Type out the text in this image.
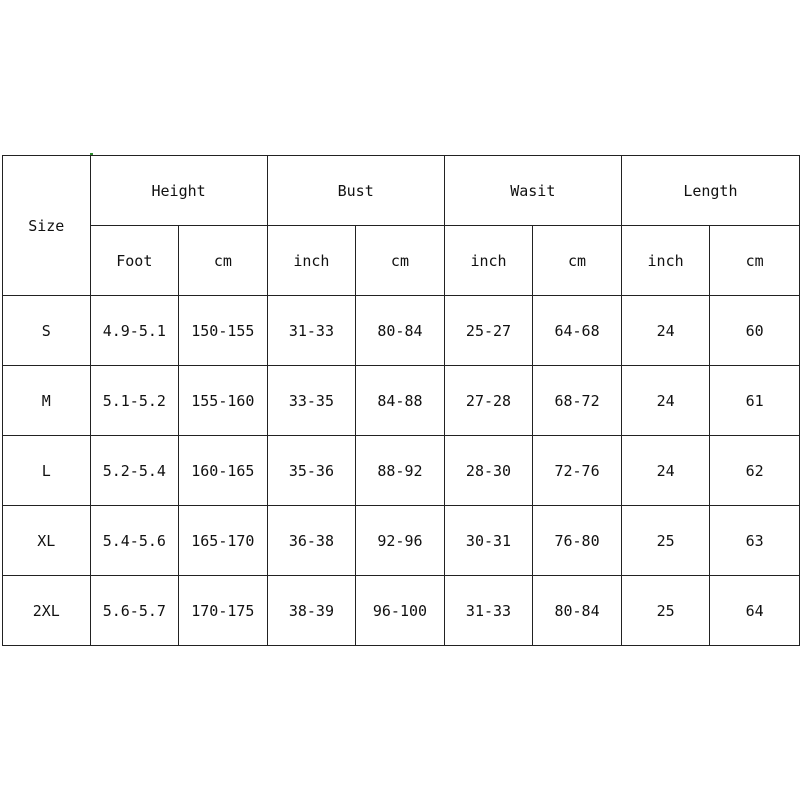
Size	Height		Bust		Wasit		Length	
	Foot	cm	inch	cm	inch	cm	inch	cm
S	4.9-5.1	150-155	31-33	80-84	25-27	64-68	24	60
M	5.1-5.2	155-160	33-35	84-88	27-28	68-72	24	61
L	5.2-5.4	160-165	35-36	88-92	28-30	72-76	24	62
XL	5.4-5.6	165-170	36-38	92-96	30-31	76-80	25	63
2XL	5.6-5.7	170-175	38-39	96-100	31-33	80-84	25	64
